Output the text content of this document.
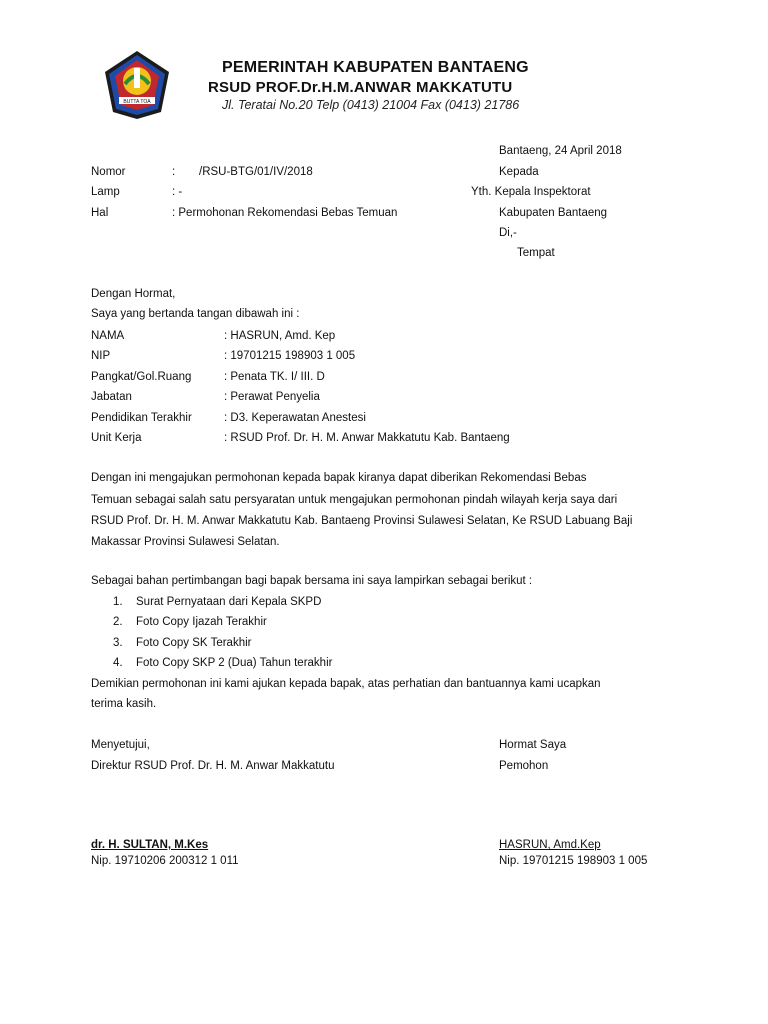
BUTTA TOA
PEMERINTAH KABUPATEN BANTAENG
RSUD PROF.Dr.H.M.ANWAR MAKKATUTU
Jl. Teratai No.20 Telp (0413) 21004 Fax (0413) 21786
Bantaeng, 24 April 2018
Kepada
Yth. Kepala Inspektorat
Kabupaten Bantaeng
Di,-
Tempat
Nomor	: /RSU-BTG/01/IV/2018
Lamp	: -
Hal	: Permohonan Rekomendasi Bebas Temuan
Dengan Hormat,
Saya yang bertanda tangan dibawah ini :
NAMA	: HASRUN, Amd. Kep
NIP	: 19701215 198903 1 005
Pangkat/Gol.Ruang	: Penata TK. I/ III. D
Jabatan	: Perawat Penyelia
Pendidikan Terakhir	: D3. Keperawatan Anestesi
Unit Kerja	: RSUD Prof. Dr. H. M. Anwar Makkatutu Kab. Bantaeng
Dengan ini mengajukan permohonan kepada bapak kiranya dapat diberikan Rekomendasi Bebas
Temuan sebagai salah satu persyaratan untuk mengajukan permohonan pindah wilayah kerja saya dari
RSUD Prof. Dr. H. M. Anwar Makkatutu Kab. Bantaeng Provinsi Sulawesi Selatan, Ke RSUD Labuang Baji
Makassar Provinsi Sulawesi Selatan.
Sebagai bahan pertimbangan bagi bapak bersama ini saya lampirkan sebagai berikut :
1. Surat Pernyataan dari Kepala SKPD
2. Foto Copy Ijazah Terakhir
3. Foto Copy SK Terakhir
4. Foto Copy SKP 2 (Dua) Tahun terakhir
Demikian permohonan ini kami ajukan kepada bapak, atas perhatian dan bantuannya kami ucapkan
terima kasih.
Menyetujui,
Direktur RSUD Prof. Dr. H. M. Anwar Makkatutu
Hormat Saya
Pemohon
dr. H. SULTAN, M.Kes
Nip. 19710206 200312 1 011
HASRUN, Amd.Kep
Nip. 19701215 198903 1 005
